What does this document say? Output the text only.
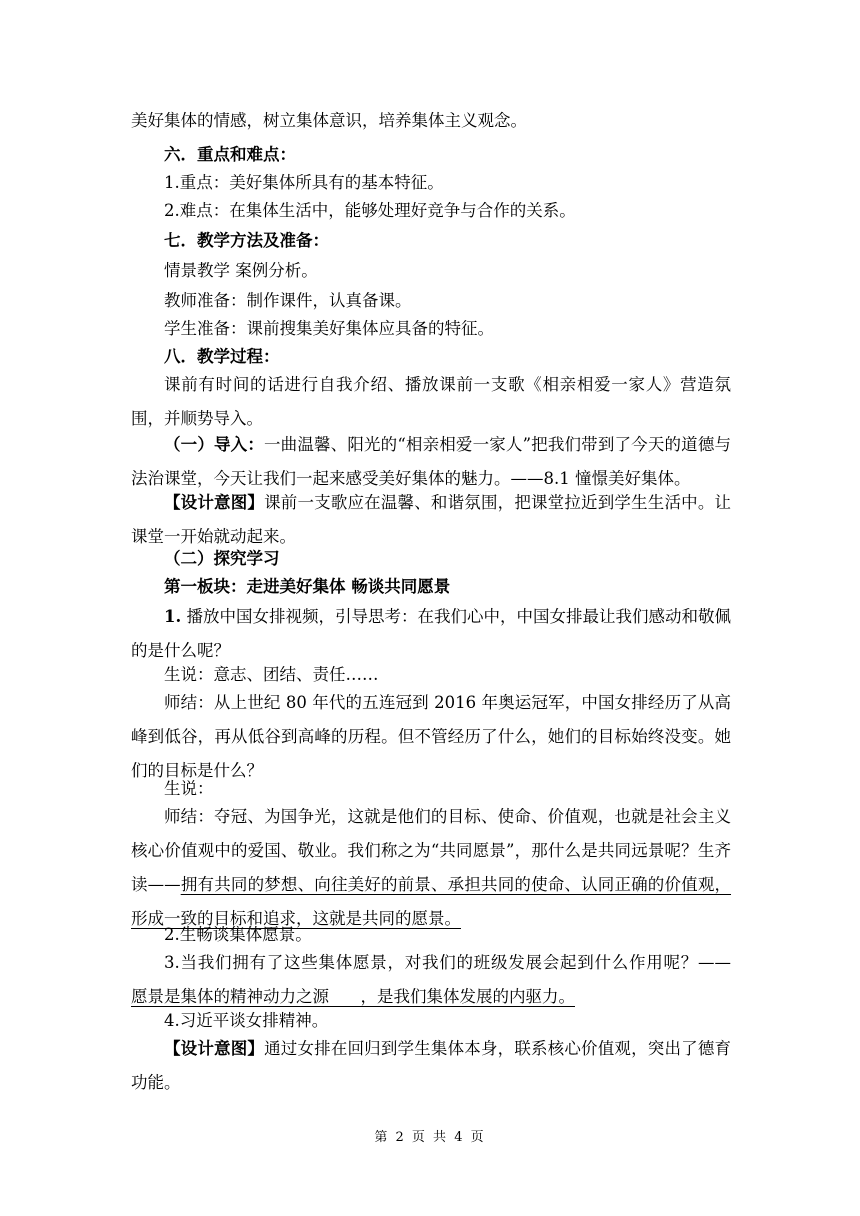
美好集体的情感，树立集体意识，培养集体主义观念。
六．重点和难点：
1.重点：美好集体所具有的基本特征。
2.难点：在集体生活中，能够处理好竞争与合作的关系。
七．教学方法及准备：
情景教学 案例分析。
教师准备：制作课件，认真备课。
学生准备：课前搜集美好集体应具备的特征。
八．教学过程：
课前有时间的话进行自我介绍、播放课前一支歌《相亲相爱一家人》营造氛围，并顺势导入。
（一）导入：一曲温馨、阳光的“相亲相爱一家人”把我们带到了今天的道德与法治课堂，今天让我们一起来感受美好集体的魅力。——8.1 憧憬美好集体。
【设计意图】课前一支歌应在温馨、和谐氛围，把课堂拉近到学生生活中。让课堂一开始就动起来。
（二）探究学习
第一板块：走进美好集体 畅谈共同愿景
1. 播放中国女排视频，引导思考：在我们心中，中国女排最让我们感动和敬佩的是什么呢？
生说：意志、团结、责任……
师结：从上世纪 80 年代的五连冠到 2016 年奥运冠军，中国女排经历了从高峰到低谷，再从低谷到高峰的历程。但不管经历了什么，她们的目标始终没变。她们的目标是什么？
生说：
师结：夺冠、为国争光，这就是他们的目标、使命、价值观，也就是社会主义核心价值观中的爱国、敬业。我们称之为“共同愿景”，那什么是共同远景呢？生齐读——拥有共同的梦想、向往美好的前景、承担共同的使命、认同正确的价值观，形成一致的目标和追求，这就是共同的愿景。
2.生畅谈集体愿景。
3.当我们拥有了这些集体愿景，对我们的班级发展会起到什么作用呢？——愿景是集体的精神动力之源      ，是我们集体发展的内驱力。
4.习近平谈女排精神。
【设计意图】通过女排在回归到学生集体本身，联系核心价值观，突出了德育功能。
第 2 页 共 4 页
